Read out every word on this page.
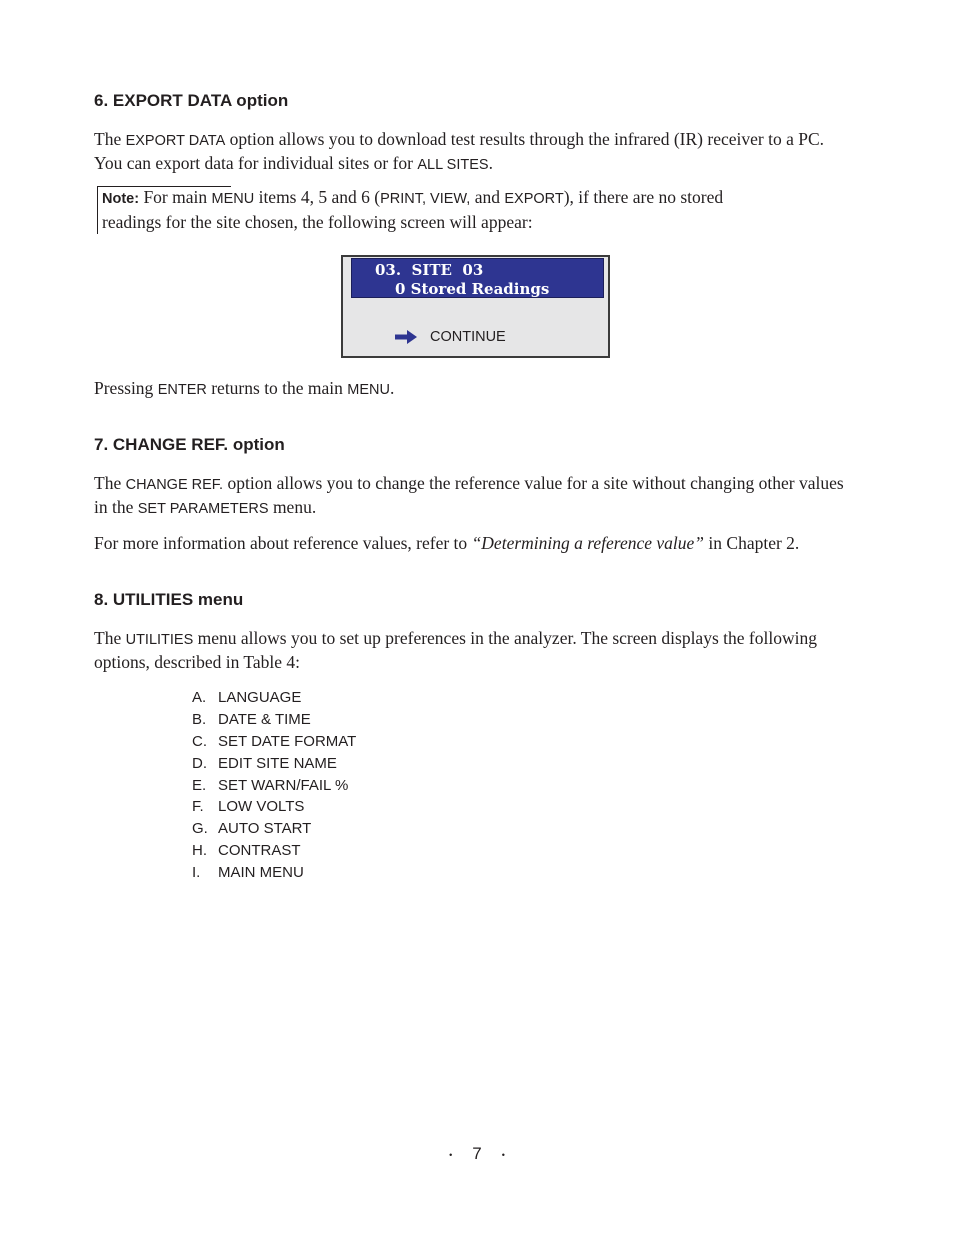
6. EXPORT DATA option

The EXPORT DATA option allows you to download test results through the infrared (IR) receiver to a PC. You can export data for individual sites or for ALL SITES.

Note: For main MENU items 4, 5 and 6 (PRINT, VIEW, and EXPORT), if there are no stored readings for the site chosen, the following screen will appear:
03.  SITE  03
0 Stored Readings
CONTINUE

Pressing ENTER returns to the main MENU.

7. CHANGE REF. option

The CHANGE REF. option allows you to change the reference value for a site without changing other values in the SET PARAMETERS menu.

For more information about reference values, refer to “Determining a reference value” in Chapter 2.

8. UTILITIES menu

The UTILITIES menu allows you to set up preferences in the analyzer. The screen displays the following options, described in Table 4:

A. LANGUAGE
B. DATE & TIME
C. SET DATE FORMAT
D. EDIT SITE NAME
E. SET WARN/FAIL %
F. LOW VOLTS
G. AUTO START
H. CONTRAST
I. MAIN MENU
• 7 •
